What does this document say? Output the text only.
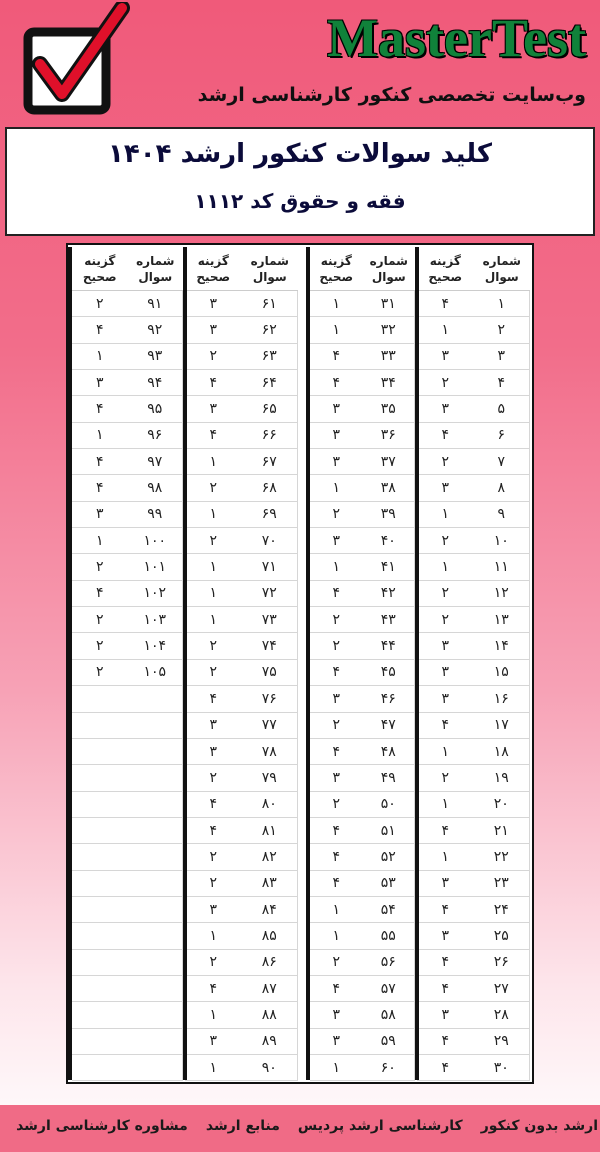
MasterTest
وب‌سایت تخصصی کنکور کارشناسی ارشد
کلید سوالات کنکور ارشد ۱۴۰۴
فقه و حقوق کد ۱۱۱۲
گزینه
صحیح
شماره
سوال
۴	۱
۱	۲
۳	۳
۲	۴
۳	۵
۴	۶
۲	۷
۳	۸
۱	۹
۲	۱۰
۱	۱۱
۲	۱۲
۲	۱۳
۳	۱۴
۳	۱۵
۳	۱۶
۴	۱۷
۱	۱۸
۲	۱۹
۱	۲۰
۴	۲۱
۱	۲۲
۳	۲۳
۴	۲۴
۳	۲۵
۴	۲۶
۴	۲۷
۳	۲۸
۴	۲۹
۴	۳۰
گزینه
صحیح
شماره
سوال
۱	۳۱
۱	۳۲
۴	۳۳
۴	۳۴
۳	۳۵
۳	۳۶
۳	۳۷
۱	۳۸
۲	۳۹
۳	۴۰
۱	۴۱
۴	۴۲
۲	۴۳
۲	۴۴
۴	۴۵
۳	۴۶
۲	۴۷
۴	۴۸
۳	۴۹
۲	۵۰
۴	۵۱
۴	۵۲
۴	۵۳
۱	۵۴
۱	۵۵
۲	۵۶
۴	۵۷
۳	۵۸
۳	۵۹
۱	۶۰
گزینه
صحیح
شماره
سوال
۳	۶۱
۳	۶۲
۲	۶۳
۴	۶۴
۳	۶۵
۴	۶۶
۱	۶۷
۲	۶۸
۱	۶۹
۲	۷۰
۱	۷۱
۱	۷۲
۱	۷۳
۲	۷۴
۲	۷۵
۴	۷۶
۳	۷۷
۳	۷۸
۲	۷۹
۴	۸۰
۴	۸۱
۲	۸۲
۲	۸۳
۳	۸۴
۱	۸۵
۲	۸۶
۴	۸۷
۱	۸۸
۳	۸۹
۱	۹۰
گزینه
صحیح
شماره
سوال
۲	۹۱
۴	۹۲
۱	۹۳
۳	۹۴
۴	۹۵
۱	۹۶
۴	۹۷
۴	۹۸
۳	۹۹
۱	۱۰۰
۲	۱۰۱
۴	۱۰۲
۲	۱۰۳
۲	۱۰۴
۲	۱۰۵
ارشد بدون کنکور
کارشناسی ارشد پردیس
منابع ارشد
مشاوره کارشناسی ارشد
